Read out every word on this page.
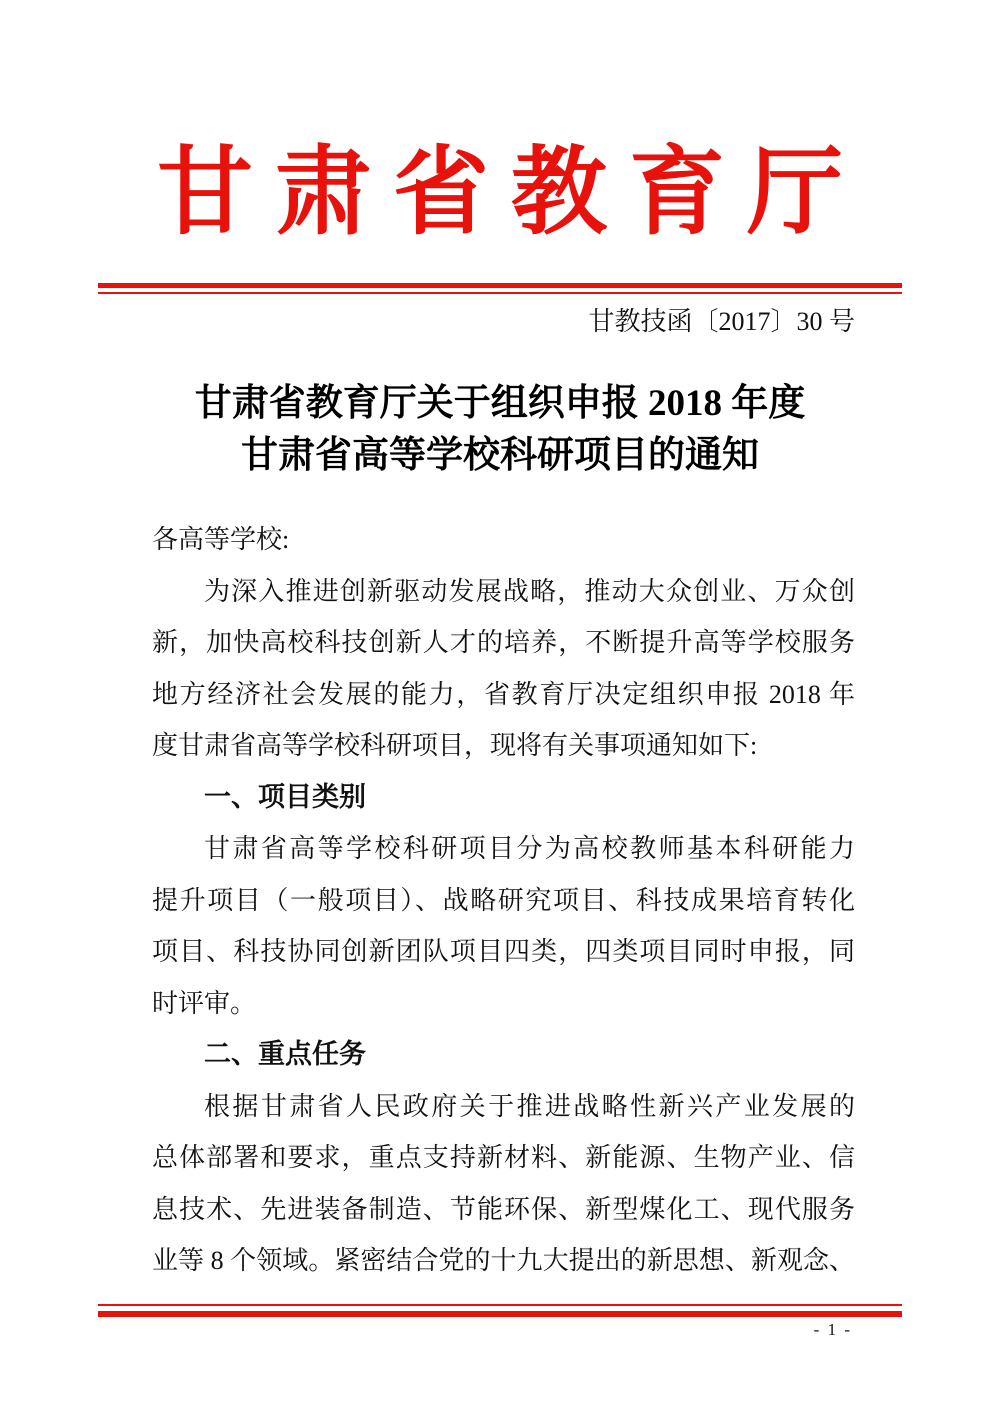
甘肃省教育厅
甘教技函〔2017〕30 号
甘肃省教育厅关于组织申报 2018 年度
甘肃省高等学校科研项目的通知
各高等学校:
为深入推进创新驱动发展战略，推动大众创业、万众创
新，加快高校科技创新人才的培养，不断提升高等学校服务
地方经济社会发展的能力，省教育厅决定组织申报 2018 年
度甘肃省高等学校科研项目，现将有关事项通知如下:
一、项目类别
甘肃省高等学校科研项目分为高校教师基本科研能力
提升项目（一般项目）、战略研究项目、科技成果培育转化
项目、科技协同创新团队项目四类，四类项目同时申报，同
时评审。
二、重点任务
根据甘肃省人民政府关于推进战略性新兴产业发展的
总体部署和要求，重点支持新材料、新能源、生物产业、信
息技术、先进装备制造、节能环保、新型煤化工、现代服务
业等 8 个领域。紧密结合党的十九大提出的新思想、新观念、
- 1 -
